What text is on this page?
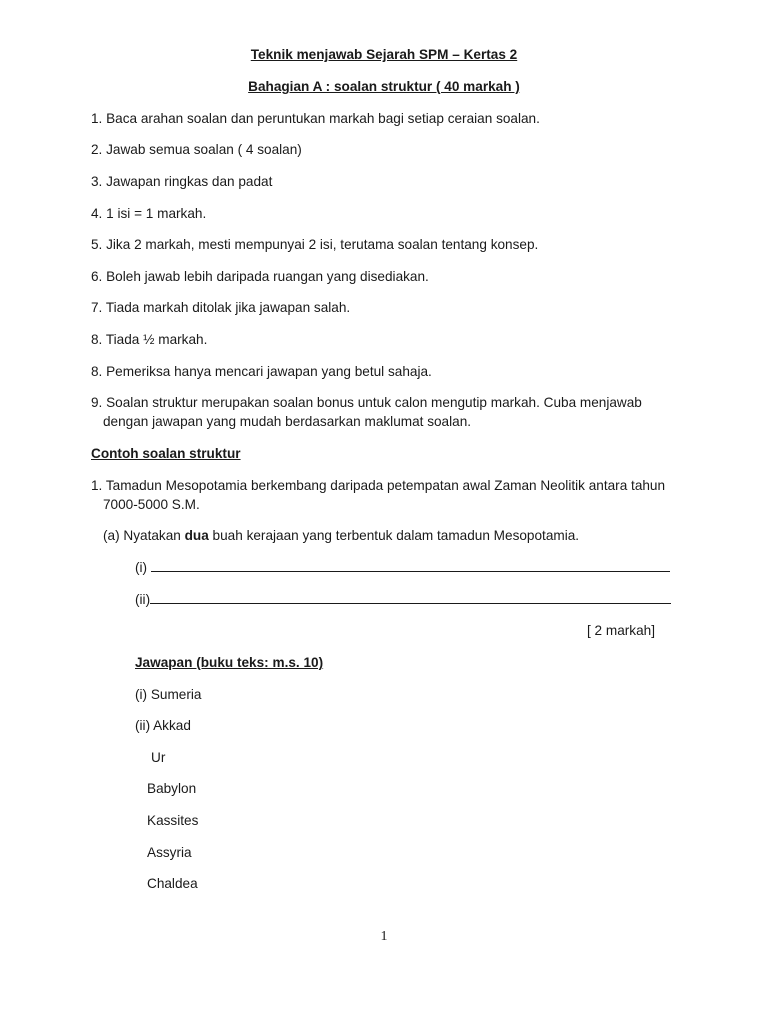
Teknik menjawab Sejarah SPM – Kertas 2
Bahagian A : soalan struktur ( 40 markah )
1. Baca arahan soalan dan peruntukan markah bagi setiap ceraian soalan.
2. Jawab semua soalan ( 4 soalan)
3. Jawapan ringkas dan padat
4. 1 isi = 1 markah.
5. Jika 2 markah, mesti mempunyai 2 isi, terutama soalan tentang konsep.
6. Boleh jawab lebih daripada ruangan yang disediakan.
7. Tiada markah ditolak jika jawapan salah.
8. Tiada ½ markah.
8. Pemeriksa hanya mencari jawapan yang betul sahaja.
9. Soalan struktur merupakan soalan bonus untuk calon mengutip markah. Cuba menjawab
dengan jawapan yang mudah berdasarkan maklumat soalan.
Contoh soalan struktur
1. Tamadun Mesopotamia berkembang daripada petempatan awal Zaman Neolitik antara tahun
7000-5000 S.M.
(a) Nyatakan dua buah kerajaan yang terbentuk dalam tamadun Mesopotamia.
(i)
(ii)
[ 2 markah]
Jawapan (buku teks: m.s. 10)
(i) Sumeria
(ii) Akkad
Ur
Babylon
Kassites
Assyria
Chaldea
1
